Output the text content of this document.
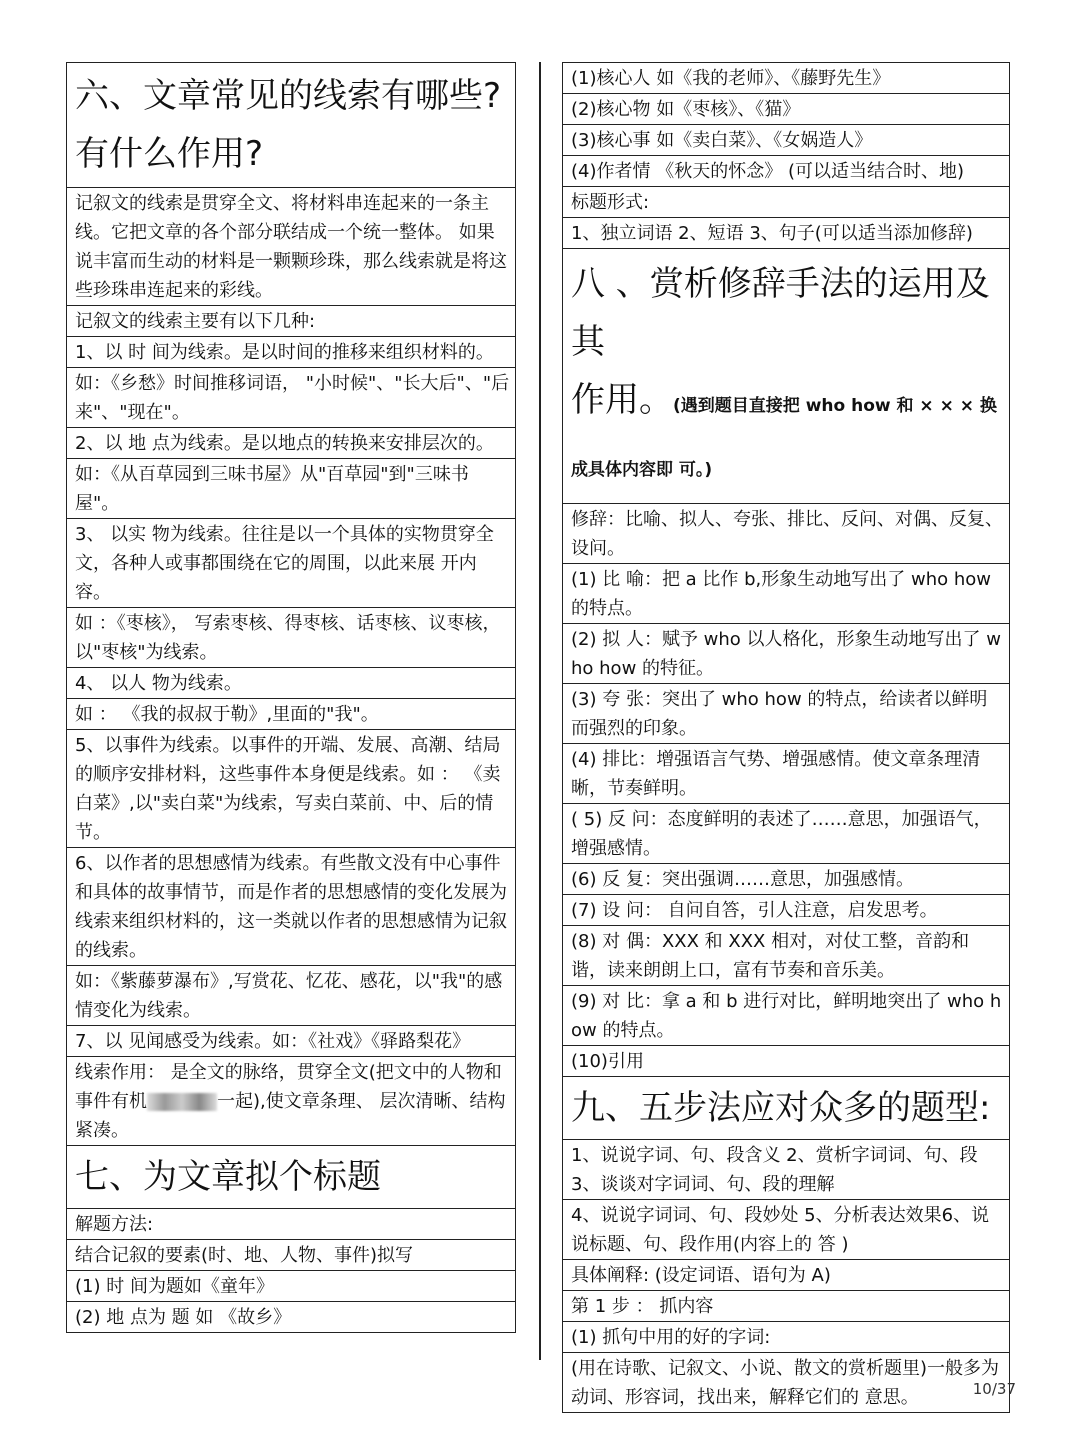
六、文章常见的线索有哪些?有什么作用?
记叙文的线索是贯穿全文、将材料串连起来的一条主线。它把文章的各个部分联结成一个统一整体。 如果说丰富而生动的材料是一颗颗珍珠，那么线索就是将这些珍珠串连起来的彩线。
记叙文的线索主要有以下几种:
1、以 时 间为线索。是以时间的推移来组织材料的。
如：《乡愁》时间推移词语， "小时候"、"长大后"、"后来"、"现在"。
2、以 地 点为线索。是以地点的转换来安排层次的。
如：《从百草园到三味书屋》从"百草园"到"三味书屋"。
3、 以实 物为线索。往往是以一个具体的实物贯穿全文，各种人或事都围绕在它的周围，以此来展 开内容。
如 ：《枣核》， 写索枣核、得枣核、话枣核、议枣核，以"枣核"为线索。
4、 以人 物为线索。
如 ： 《我的叔叔于勒》,里面的"我"。
5、以事件为线索。以事件的开端、发展、高潮、结局的顺序安排材料，这些事件本身便是线索。如 ： 《卖白菜》,以"卖白菜"为线索，写卖白菜前、中、后的情节。
6、以作者的思想感情为线索。有些散文没有中心事件和具体的故事情节，而是作者的思想感情的变化发展为线索来组织材料的，这一类就以作者的思想感情为记叙的线索。
如：《紫藤萝瀑布》,写赏花、忆花、感花，以"我"的感情变化为线索。
7、以 见闻感受为线索。如：《社戏》《驿路梨花》
线索作用： 是全文的脉络，贯穿全文(把文中的人物和事件有机	一起),使文章条理、 层次清晰、结构紧凑。
七、为文章拟个标题
解题方法:
结合记叙的要素(时、地、人物、事件)拟写
(1) 时 间为题如《童年》
(2) 地 点为 题 如 《故乡》
(1)核心人 如《我的老师》、《藤野先生》
(2)核心物 如《枣核》、《猫》
(3)核心事 如《卖白菜》、《女娲造人》
(4)作者情 《秋天的怀念》 (可以适当结合时、地)
标题形式:
1、独立词语 2、短语 3、句子(可以适当添加修辞)
八 、赏析修辞手法的运用及其
作用。(遇到题目直接把 who how 和 × × × 换成具体内容即 可。)
修辞：比喻、拟人、夸张、排比、反问、对偶、反复、设问。
(1) 比 喻：把 a 比作 b,形象生动地写出了 who how 的特点。
(2) 拟 人：赋予 who 以人格化，形象生动地写出了 who how 的特征。
(3) 夸 张：突出了 who how 的特点，给读者以鲜明而强烈的印象。
(4) 排比：增强语言气势、增强感情。使文章条理清晰，节奏鲜明。
( 5) 反 问：态度鲜明的表述了……意思，加强语气，增强感情。
(6) 反 复：突出强调……意思，加强感情。
(7) 设 问： 自问自答，引人注意，启发思考。
(8) 对 偶：XXX 和 XXX 相对，对仗工整，音韵和谐，读来朗朗上口，富有节奏和音乐美。
(9) 对 比：拿 a 和 b 进行对比，鲜明地突出了 who how 的特点。
(10)引用
九、五步法应对众多的题型:
1、说说字词、句、段含义 2、赏析字词词、句、段 3、谈谈对字词词、句、段的理解
4、说说字词词、句、段妙处 5、分析表达效果6、说说标题、句、段作用(内容上的 答 )
具体阐释: (设定词语、语句为 A)
第 1 步 ： 抓内容
(1) 抓句中用的好的字词:
(用在诗歌、记叙文、小说、散文的赏析题里)一般多为动词、形容词，找出来，解释它们的 意思。	10/37
